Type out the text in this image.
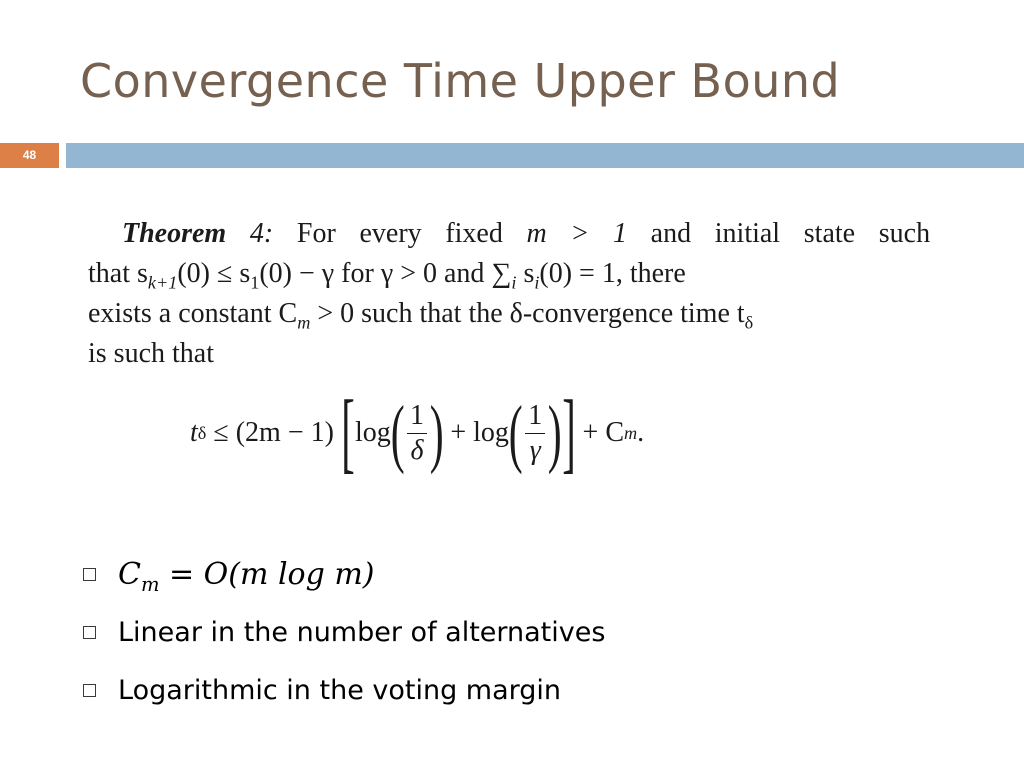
Convergence Time Upper Bound
48
Theorem 4: For every fixed m > 1 and initial state such
that $s_{k+1}(0) \le s_1(0) - \gamma$ for γ > 0 and $\sum_i$ $s_i(0) = 1$, there
exists a constant $C_m > 0$ such that the δ-convergence time $t_\delta$
is such that
t δ ≤ (2m − 1) [ log ( $\frac{1}{\delta}$ ) + log ( $\frac{1}{\gamma}$ ) ] + C m .
$C_m = O(m$ log m)
Linear in the number of alternatives
Logarithmic in the voting margin
